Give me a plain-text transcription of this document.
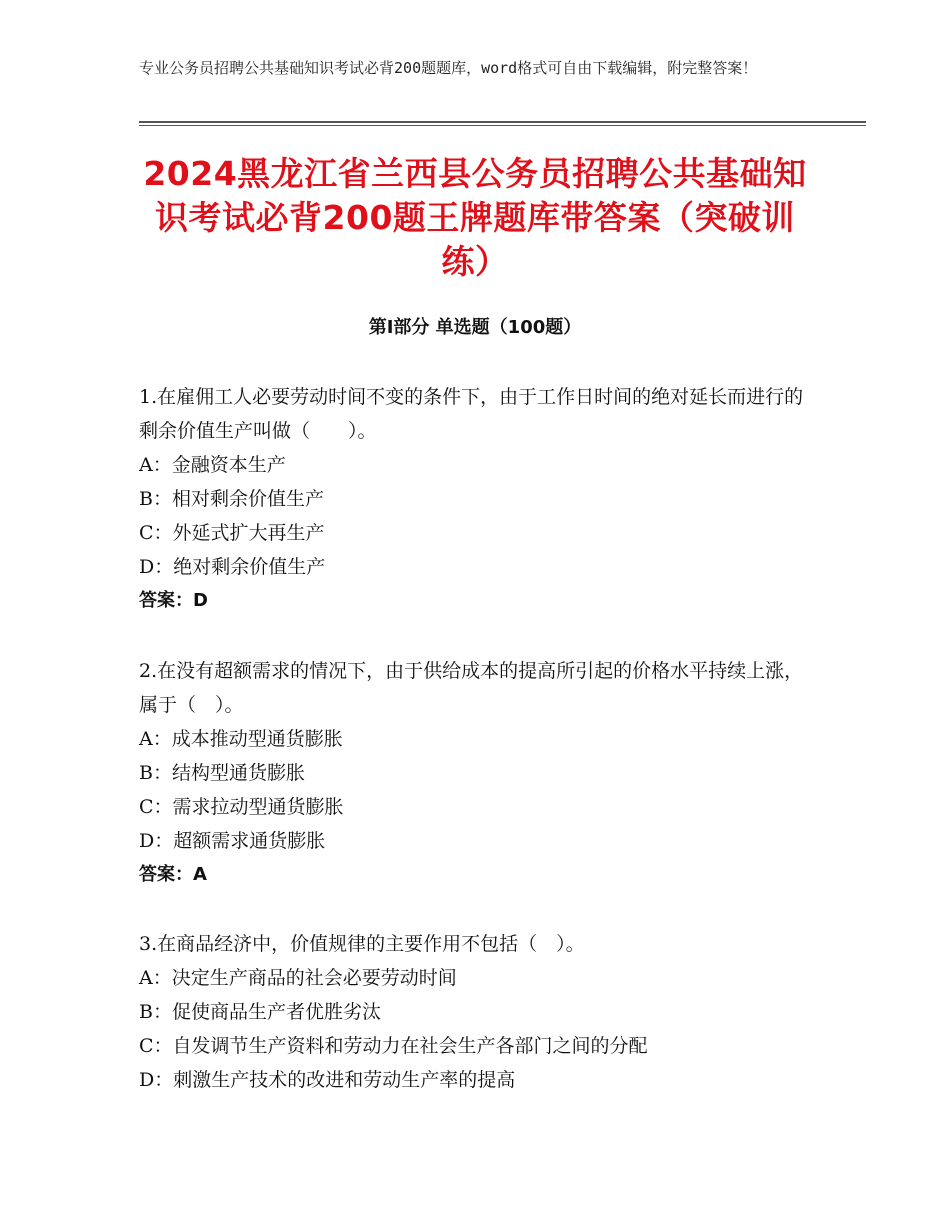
专业公务员招聘公共基础知识考试必背200题题库，word格式可自由下载编辑，附完整答案！
2024黑龙江省兰西县公务员招聘公共基础知识考试必背200题王牌题库带答案（突破训练）
第I部分 单选题（100题）
1.在雇佣工人必要劳动时间不变的条件下，由于工作日时间的绝对延长而进行的剩余价值生产叫做（　　）。
A：金融资本生产
B：相对剩余价值生产
C：外延式扩大再生产
D：绝对剩余价值生产
答案：D
2.在没有超额需求的情况下，由于供给成本的提高所引起的价格水平持续上涨，属于（　）。
A：成本推动型通货膨胀
B：结构型通货膨胀
C：需求拉动型通货膨胀
D：超额需求通货膨胀
答案：A
3.在商品经济中，价值规律的主要作用不包括（　）。
A：决定生产商品的社会必要劳动时间
B：促使商品生产者优胜劣汰
C：自发调节生产资料和劳动力在社会生产各部门之间的分配
D：刺激生产技术的改进和劳动生产率的提高
